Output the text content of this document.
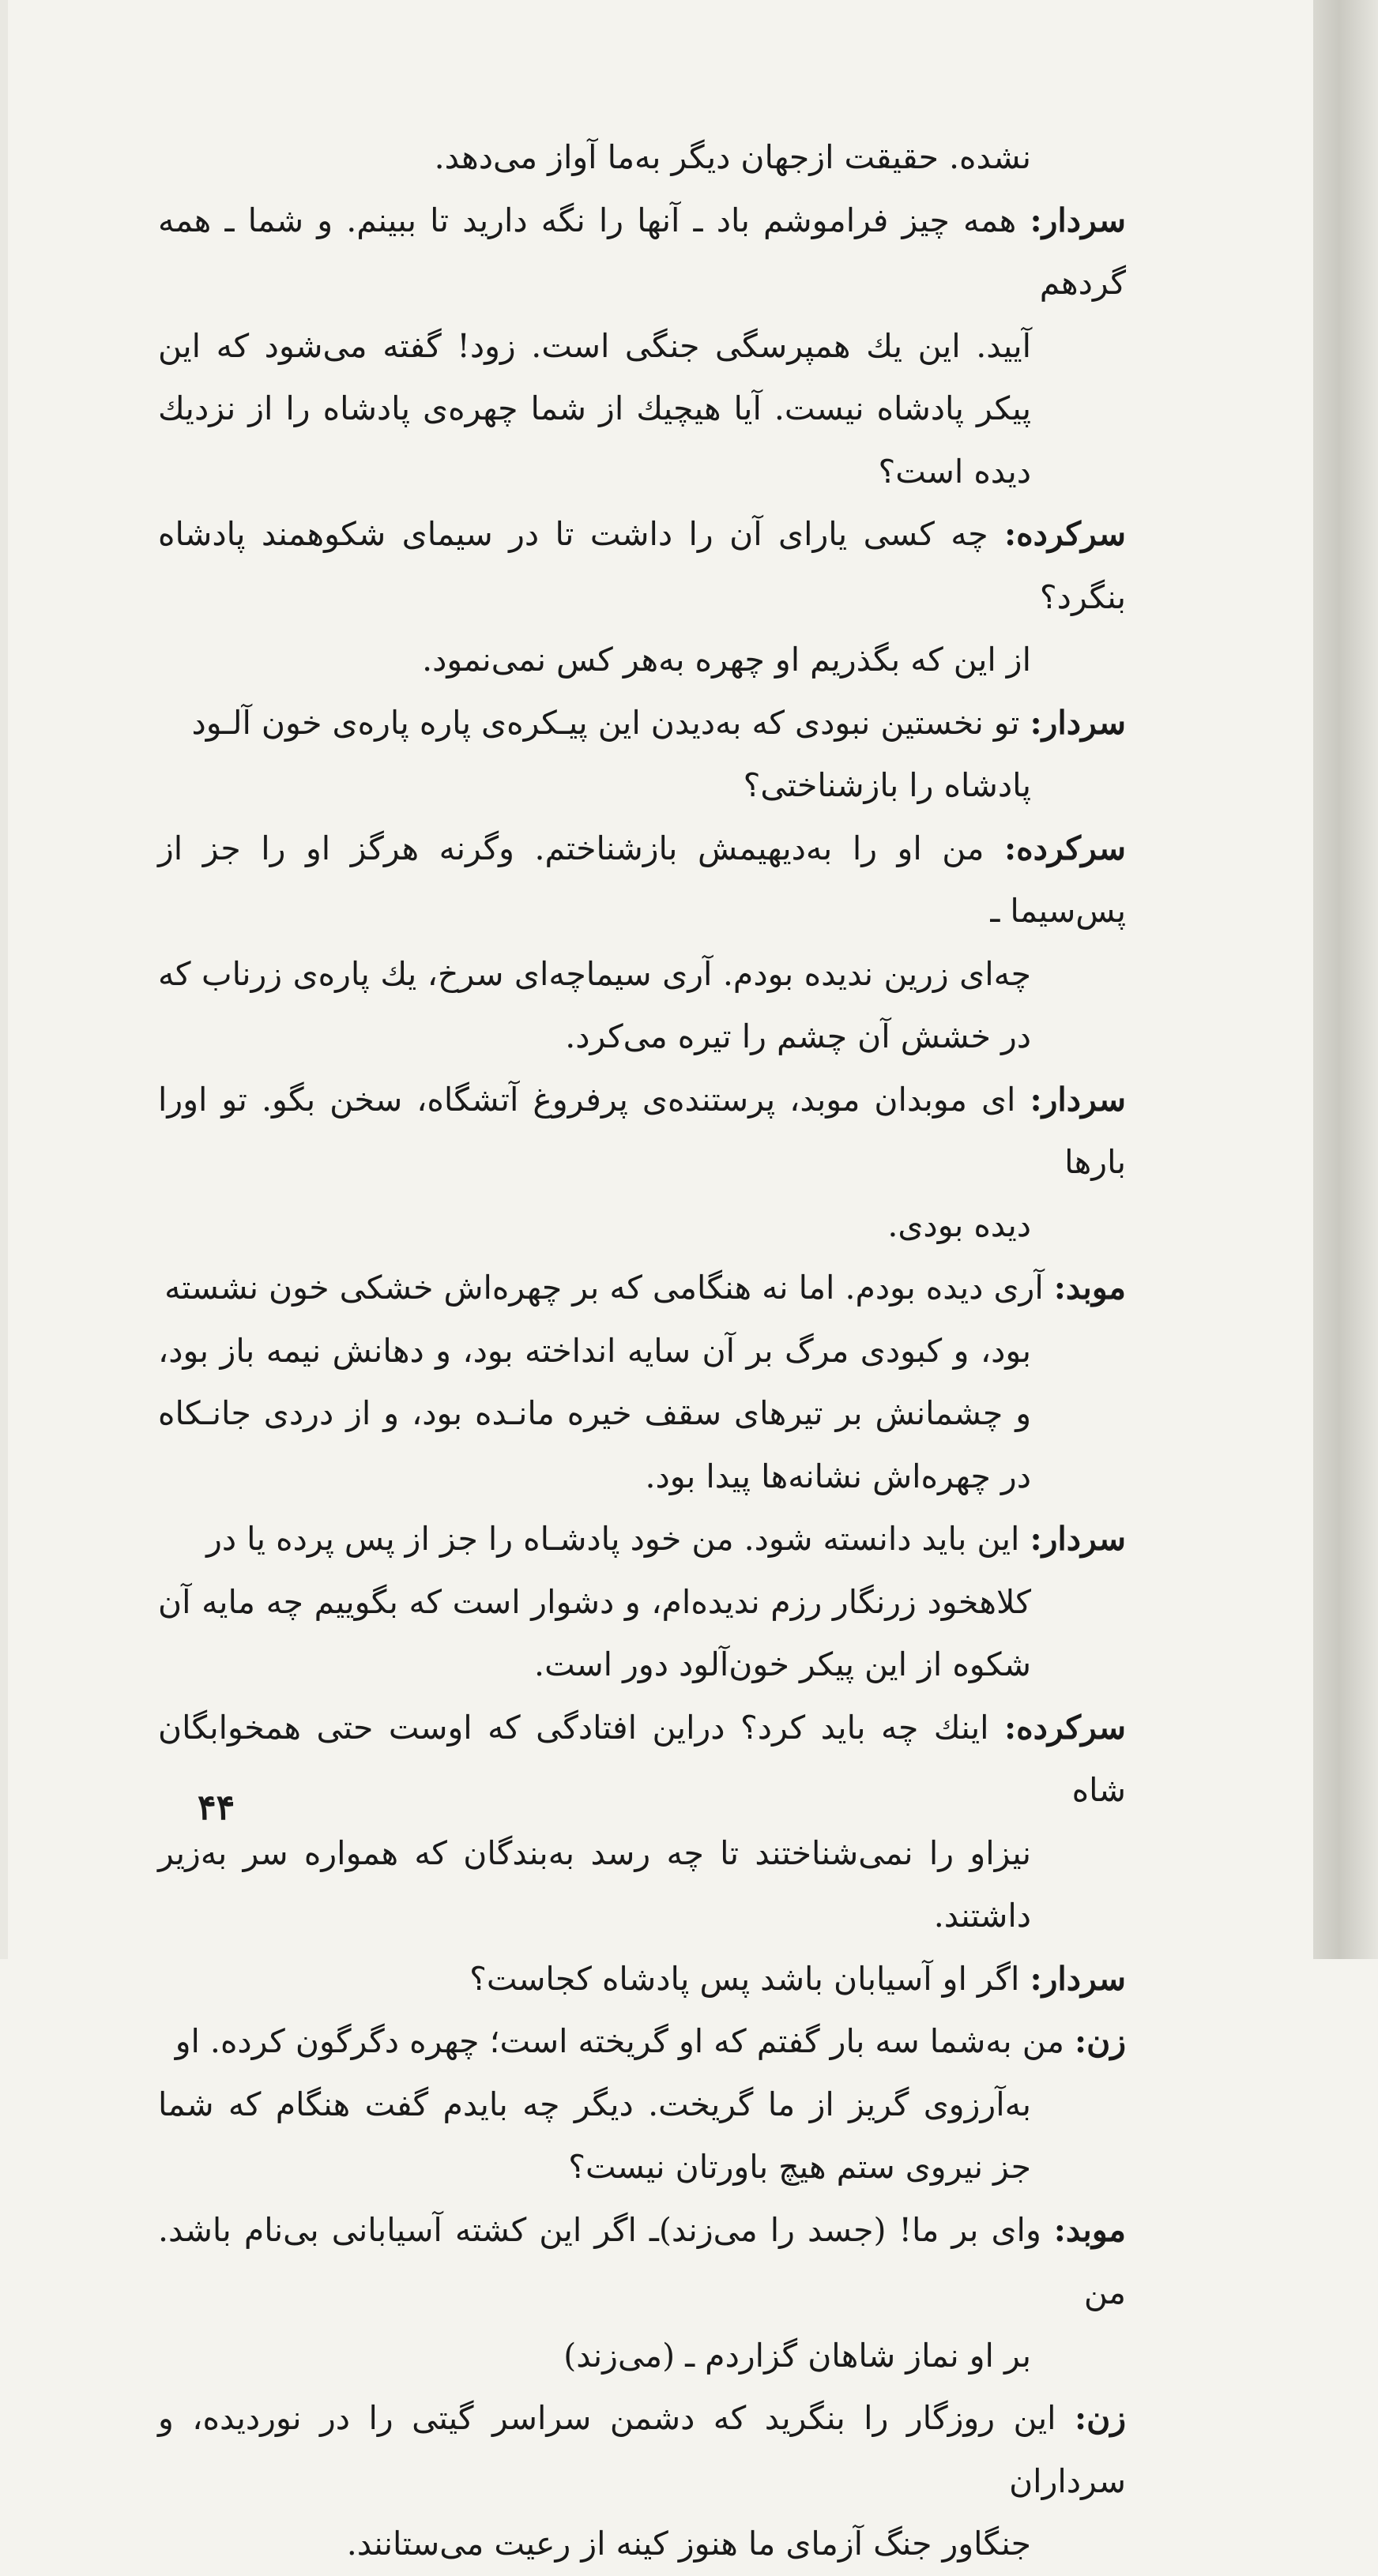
نشده. حقیقت ازجهان دیگر به‌ما آواز می‌دهد.
سردار: همه چیز فراموشم باد ـ آنها را نگه دارید تا ببینم. و شما ـ همه گردهم
آیید. این یك همپرسگی جنگی است. زود! گفته می‌شود که این پیکر پادشاه نیست. آیا هیچیك از شما چهره‌ی پادشاه را از نزدیك دیده است؟
سرکرده: چه کسی یارای آن را داشت تا در سیمای شکوهمند پادشاه بنگرد؟
از این که بگذریم او چهره به‌هر کس نمی‌نمود.
سردار: تو نخستین نبودی که به‌دیدن این پیـکره‌ی پاره پاره‌ی خون آلـود
پادشاه را بازشناختی؟
سرکرده: من او را به‌دیهیمش بازشناختم. وگرنه هرگز او را جز از پس‌سیما ـ
چه‌ای زرین ندیده بودم. آری سیماچه‌ای سرخ، یك پاره‌ی زرناب که در خشش آن چشم را تیره می‌کرد.
سردار: ای موبدان موبد، پرستنده‌ی پرفروغ آتشگاه، سخن بگو. تو اورا بارها
دیده بودی.
موبد: آری دیده بودم. اما نه هنگامی که بر چهره‌اش خشکی خون نشسته
بود، و کبودی مرگ بر آن سایه انداخته بود، و دهانش نیمه باز بود، و چشمانش بر تیرهای سقف خیره مانـده بود، و از دردی جانـکاه در چهره‌اش نشانه‌ها پیدا بود.
سردار: این باید دانسته شود. من خود پادشـاه را جز از پس پرده یا در
کلاهخود زرنگار رزم ندیده‌ام، و دشوار است که بگوییم چه مایه آن شکوه از این پیکر خون‌آلود دور است.
سرکرده: اینك چه باید کرد؟ دراین افتادگی که اوست حتی همخوابگان شاه
نیزاو را نمی‌شناختند تا چه رسد به‌بندگان که همواره سر به‌زیر داشتند.
سردار: اگر او آسیابان باشد پس پادشاه کجاست؟
زن: من به‌شما سه بار گفتم که او گریخته است؛ چهره دگرگون کرده. او
به‌آرزوی گریز از ما گریخت. دیگر چه بایدم گفت هنگام که شما جز نیروی ستم هیچ باورتان نیست؟
موبد: وای بر ما! (جسد را می‌زند)ـ اگر این کشته آسیابانی بی‌نام باشد. من
بر او نماز شاهان گزاردم ـ (می‌زند)
زن: این روزگار را بنگرید که دشمن سراسر گیتی را در نوردیده، و سرداران
جنگاور جنگ آزمای ما هنوز کینه از رعیت می‌ستانند.
۴۴
